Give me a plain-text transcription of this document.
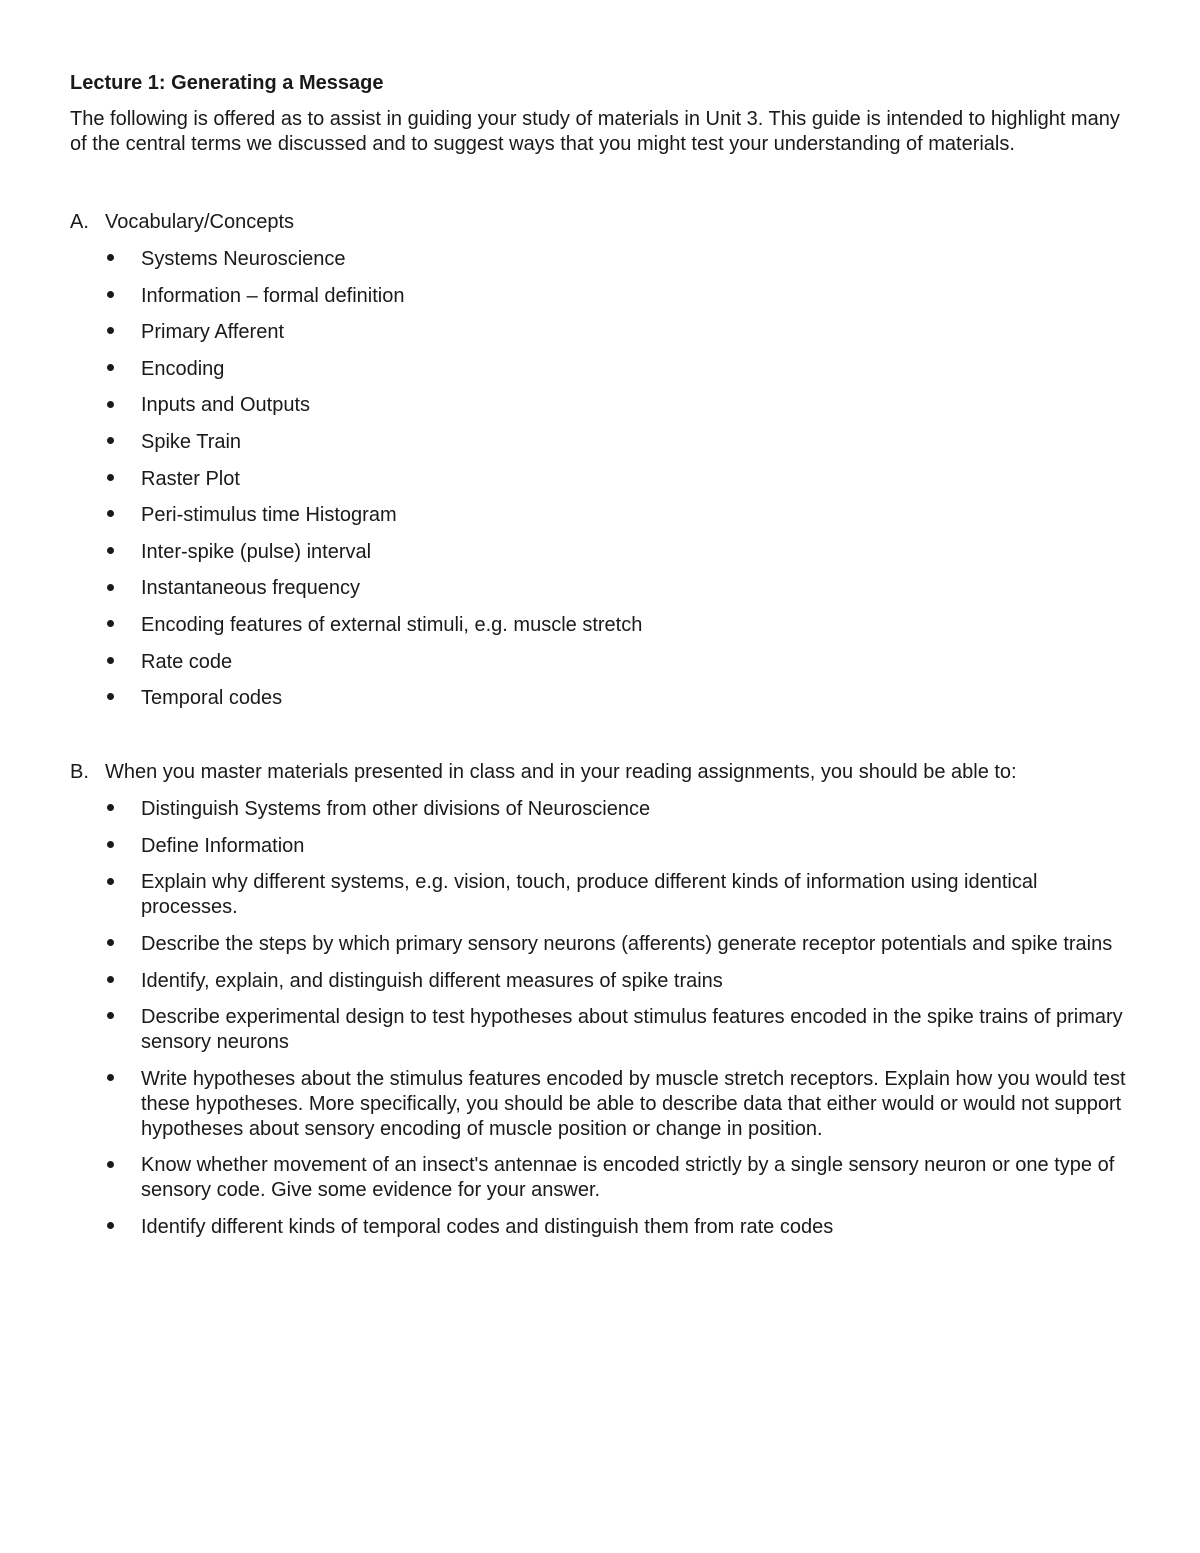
Lecture 1: Generating a Message

The following is offered as to assist in guiding your study of materials in Unit 3. This guide is intended to highlight many of the central terms we discussed and to suggest ways that you might test your understanding of materials.

A. Vocabulary/Concepts
Systems Neuroscience
Information – formal definition
Primary Afferent
Encoding
Inputs and Outputs
Spike Train
Raster Plot
Peri-stimulus time Histogram
Inter-spike (pulse) interval
Instantaneous frequency
Encoding features of external stimuli, e.g. muscle stretch
Rate code
Temporal codes
B. When you master materials presented in class and in your reading assignments, you should be able to:
Distinguish Systems from other divisions of Neuroscience
Define Information
Explain why different systems, e.g. vision, touch, produce different kinds of information using identical processes.
Describe the steps by which primary sensory neurons (afferents) generate receptor potentials and spike trains
Identify, explain, and distinguish different measures of spike trains
Describe experimental design to test hypotheses about stimulus features encoded in the spike trains of primary sensory neurons
Write hypotheses about the stimulus features encoded by muscle stretch receptors. Explain how you would test these hypotheses. More specifically, you should be able to describe data that either would or would not support hypotheses about sensory encoding of muscle position or change in position.
Know whether movement of an insect's antennae is encoded strictly by a single sensory neuron or one type of sensory code. Give some evidence for your answer.
Identify different kinds of temporal codes and distinguish them from rate codes
